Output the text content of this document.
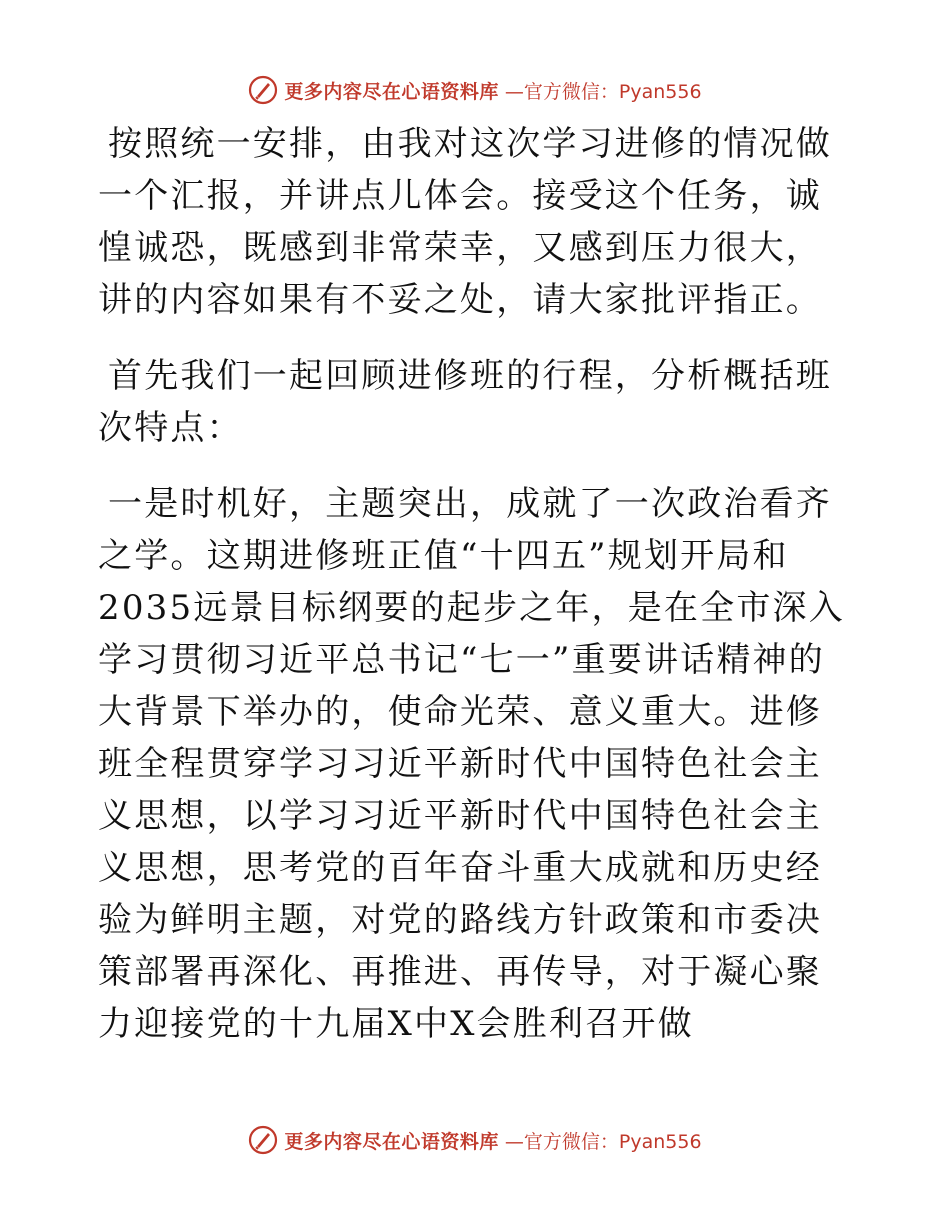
更多内容尽在心语资料库 —官方微信：Pyan556

按照统一安排，由我对这次学习进修的情况做一个汇报，并讲点儿体会。接受这个任务，诚惶诚恐，既感到非常荣幸，又感到压力很大，讲的内容如果有不妥之处，请大家批评指正。

首先我们一起回顾进修班的行程，分析概括班次特点：

一是时机好，主题突出，成就了一次政治看齐之学。这期进修班正值“十四五”规划开局和2035远景目标纲要的起步之年，是在全市深入学习贯彻习近平总书记“七一”重要讲话精神的大背景下举办的，使命光荣、意义重大。进修班全程贯穿学习习近平新时代中国特色社会主义思想，以学习习近平新时代中国特色社会主义思想，思考党的百年奋斗重大成就和历史经验为鲜明主题，对党的路线方针政策和市委决策部署再深化、再推进、再传导，对于凝心聚力迎接党的十九届X中X会胜利召开做

更多内容尽在心语资料库 —官方微信：Pyan556
